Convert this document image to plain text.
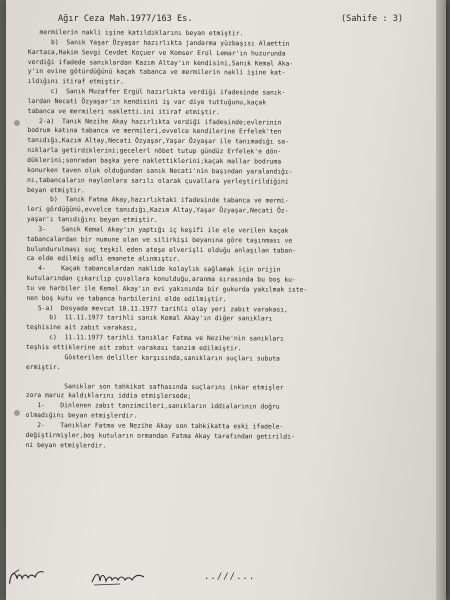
Ağır Ceza Mah.1977/163 Es.	(Sahife : 3)
mermilerin nakli işine katıldıklarını beyan etmiştir.
b)  Sanık Yaşar Özyaşar hazırlıkta jandarma yüzbaşısı Alaettin
Kartaca,Hakim Sevgi Cevdet Koçuer ve Komser Erol Lemar'ın huzurunda
verdiği ifadede sanıklardan Kazım Altay'ın kendisini,Sanık Kemal Aka-
y'ın evine götürdüğünü kaçak tabanca ve mermilerin nakli işine kat-
ıldığını itiraf etmiştir.
c)  Sanık Muzaffer Ergül hazırlıkta verdiği ifadesinde sanık-
lardan Necati Özyaşar'ın kendisini iş var diye tuttuğunu,kaçak
tabanca ve mermileri nakletti.ini itiraf etmiştir.
2-a)  Tanık Nezihe Akay hazırlıkta verdiği ifadesinde;evlerinin
bodrum katına tabanca ve mermileri,evvelce kendilerine Erfelek'ten
tanıdığı,Kazım Altay,Necati Özyaşar,Yaşar Özyaşar ile tanımadığı sa-
nıklarla getirdiklerini;gecelerl nöbet tutup gündüz Erfelek'e dön-
düklerini;sonradan başka yere naklettiklerini;kaçak mallar bodruma
konurken taven oluk olduğundan sanık Necati'nin başından yaralandığı-
nı,tabancaların naylonlara sarılı olarak çuvallara yerleştirildiğini
beyan etmiştir.
b)  Tanık Fatma Akay,hazırlıktaki ifadesinde tabanca ve mermi-
leri gördüğünü,evvelce tanıdığı,Kazım Altay,Yaşar Özyaşar,Necati Öz-
yaşar'ı tanıdığını beyan etmiştir.
3-    Sanık Kemal Akay'ın yaptığı iç keşifi ile ele verilen kaçak
tabancalardan bir numune olan ve silirkişi beyanına göre taşınması ve
bulundurulması suç teşkil eden ateşe elverişli olduğu anlaşılan taban-
ca elde edilmiş adli emanete alınmıştır.
4-    Kaçak tabancalardan naklide kolaylık sağlamak için orijin
kutularından çıkarılıp çuvallara konulduğu,aranma sırasında bu boş ku-
tu ve harbiler ile Kemal Akay'ın evi yakınında bir gukurda yakılmak iste-
nen boş kutu ve tabanca harbilerini elde edilmiştir.
5-a)  Dosyada mevcut 10.11.1977 tarihli olay yeri zabıt varakası,
b)  11.11.1977 tarihli sanık Kemal Akay'ın diğer sanıkları
teşhisine ait zabıt varakası,
c)  11.11.1977 tarihli tanıklar Fatma ve Nezihe'nin sanıkları
teşhis ettiklerine ait zabıt varakası tanzim edilmiştir.
Gösterilen deliller karşısında,sanıkların suçları subuta
ermiştir.
Sanıklar son tahkikat safhasında suçlarını inkar etmişler
zora maruz kaldıklarını iddia etmişlersede;
1-    Dinlenen zabıt tanzimcileri,sanıkların iddialarının doğru
olmadığını beyan etmişlerdir.
2-    Tanıklar Fatma ve Nezihe Akay son tahkikatta eski ifadele-
değiştirmişler,boş kutuların ormandan Fatma Akay tarafından getirildi-
ni beyan etmişlerdir.
..///...
